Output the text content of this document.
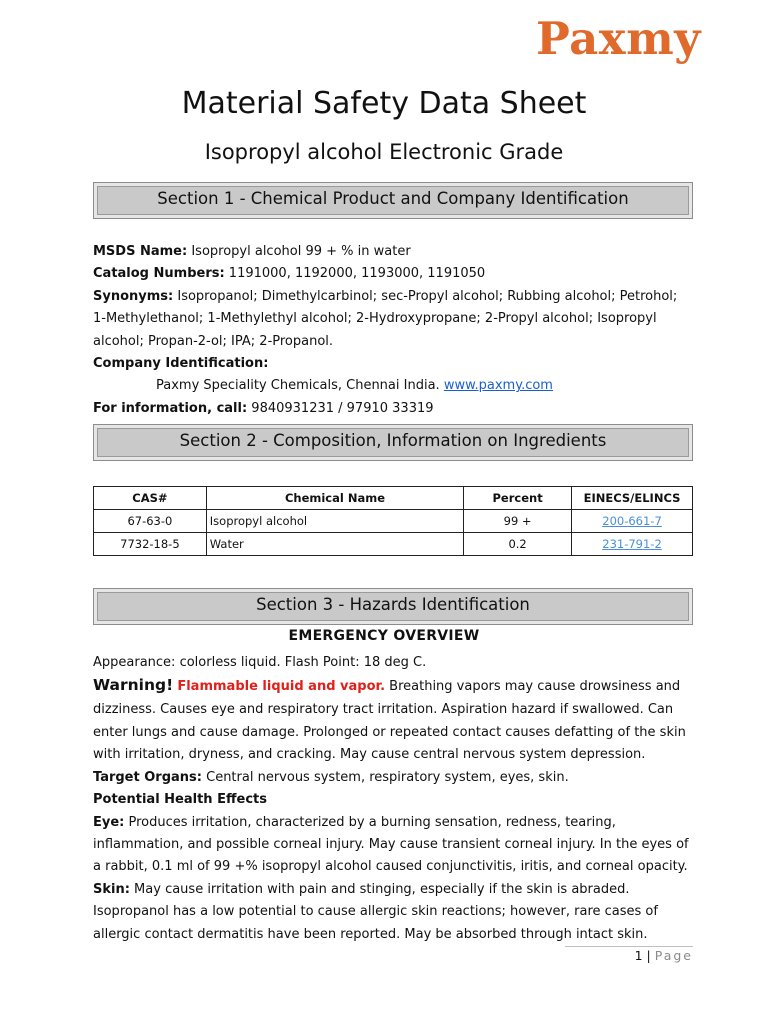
Paxmy
Material Safety Data Sheet
Isopropyl alcohol Electronic Grade
Section 1 - Chemical Product and Company Identification

MSDS Name: Isopropyl alcohol 99 + % in water

Catalog Numbers: 1191000, 1192000, 1193000, 1191050

Synonyms: Isopropanol; Dimethylcarbinol; sec-Propyl alcohol; Rubbing alcohol; Petrohol; 1-Methylethanol; 1-Methylethyl alcohol; 2-Hydroxypropane; 2-Propyl alcohol; Isopropyl alcohol; Propan-2-ol; IPA; 2-Propanol.

Company Identification:

Paxmy Speciality Chemicals, Chennai India. www.paxmy.com

For information, call: 9840931231 / 97910 33319

Section 2 - Composition, Information on Ingredients
CAS#	Chemical Name	Percent	EINECS/ELINCS
67-63-0	Isopropyl alcohol	99 +	200-661-7
7732-18-5	Water	0.2	231-791-2
Section 3 - Hazards Identification
EMERGENCY OVERVIEW

Appearance: colorless liquid. Flash Point: 18 deg C.

Warning! Flammable liquid and vapor. Breathing vapors may cause drowsiness and dizziness. Causes eye and respiratory tract irritation. Aspiration hazard if swallowed. Can enter lungs and cause damage. Prolonged or repeated contact causes defatting of the skin with irritation, dryness, and cracking. May cause central nervous system depression.

Target Organs: Central nervous system, respiratory system, eyes, skin.

Potential Health Effects

Eye: Produces irritation, characterized by a burning sensation, redness, tearing, inflammation, and possible corneal injury. May cause transient corneal injury. In the eyes of a rabbit, 0.1 ml of 99 +% isopropyl alcohol caused conjunctivitis, iritis, and corneal opacity.

Skin: May cause irritation with pain and stinging, especially if the skin is abraded. Isopropanol has a low potential to cause allergic skin reactions; however, rare cases of allergic contact dermatitis have been reported. May be absorbed through intact skin.

1 | Page
